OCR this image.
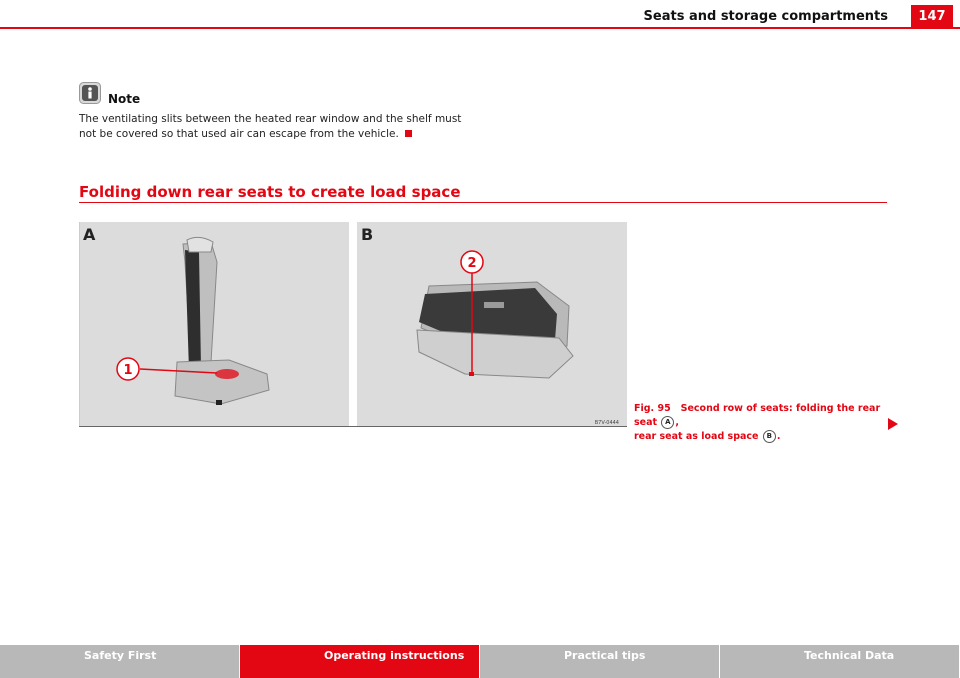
Seats and storage compartments	147
Note
The ventilating slits between the heated rear window and the shelf must not be covered so that used air can escape from the vehicle.
Folding down rear seats to create load space
1
2
A	B
B7V-0444
Fig. 95 Second row of seats: folding the rear seat A ,
rear seat as load space B .
Safety First	Operating instructions	Practical tips	Technical Data
